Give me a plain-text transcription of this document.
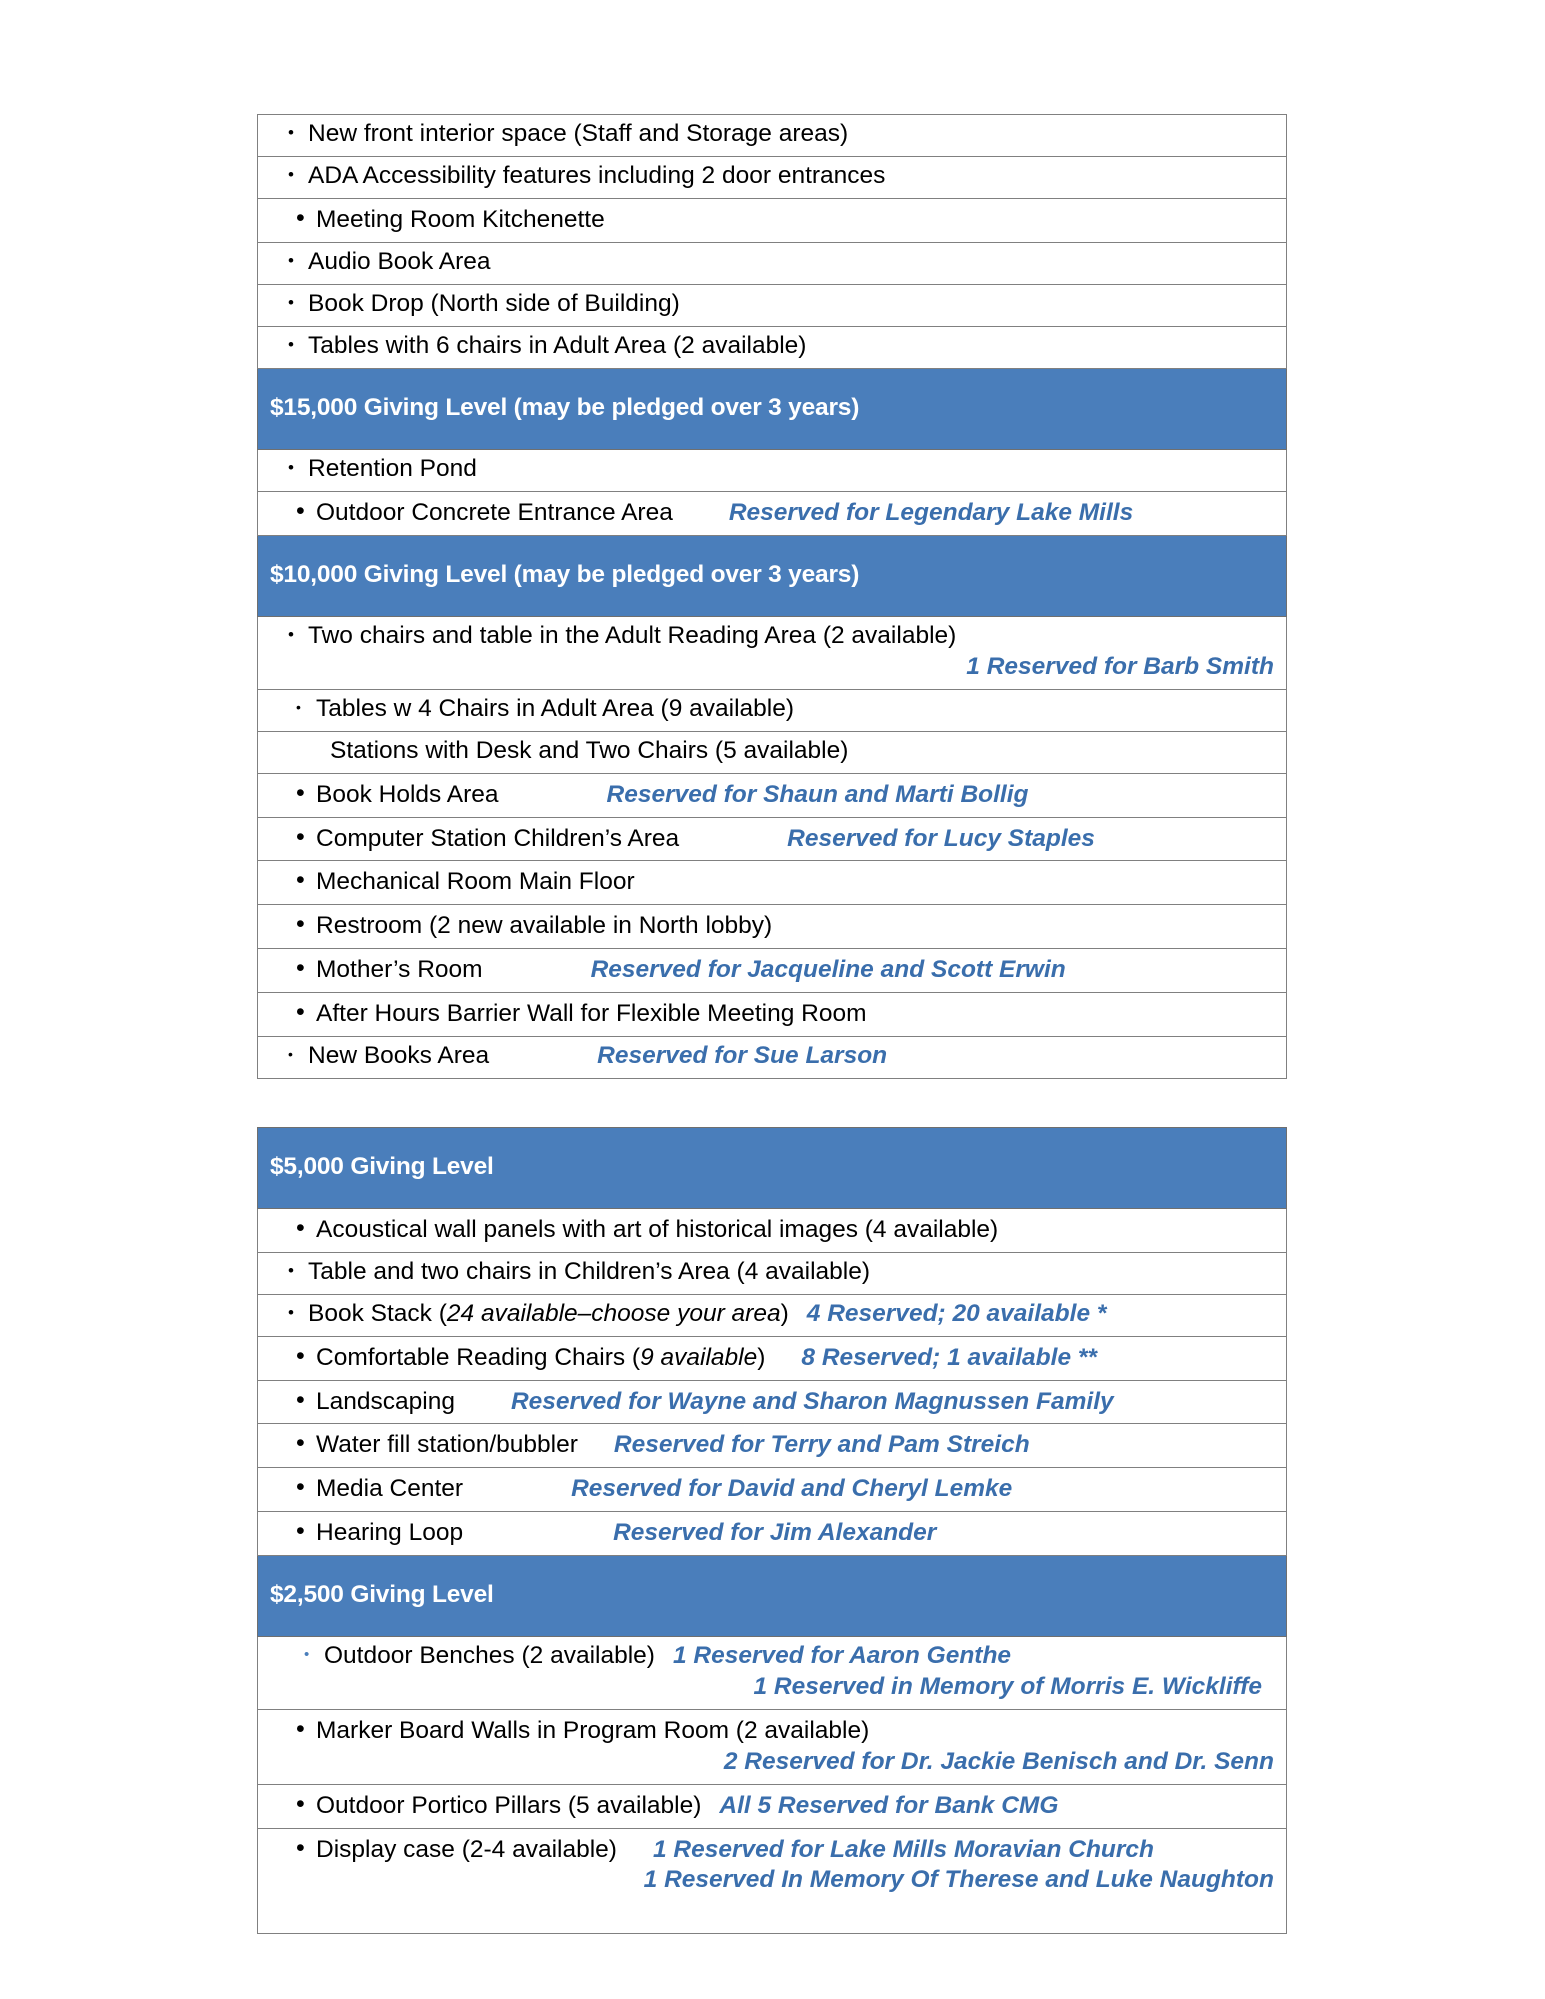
New front interior space (Staff and Storage areas)

ADA Accessibility features including 2 door entrances

Meeting Room Kitchenette

Audio Book Area

Book Drop (North side of Building)

Tables with 6 chairs in Adult Area (2 available)

$15,000 Giving Level (may be pledged over 3 years)

Retention Pond

Outdoor Concrete Entrance Area Reserved for Legendary Lake Mills

$10,000 Giving Level (may be pledged over 3 years)

Two chairs and table in the Adult Reading Area (2 available)
1 Reserved for Barb Smith

Tables w 4 Chairs in Adult Area (9 available)

Stations with Desk and Two Chairs (5 available)

Book Holds Area	Reserved for Shaun and Marti Bollig

Computer Station Children’s Area	Reserved for Lucy Staples

Mechanical Room Main Floor

Restroom (2 new available in North lobby)

Mother’s Room	Reserved for Jacqueline and Scott Erwin

After Hours Barrier Wall for Flexible Meeting Room

New Books Area	Reserved for Sue Larson
$5,000 Giving Level

Acoustical wall panels with art of historical images (4 available)

Table and two chairs in Children’s Area (4 available)

Book Stack (24 available–choose your area) 4 Reserved; 20 available *

Comfortable Reading Chairs (9 available) 8 Reserved; 1 available **

Landscaping Reserved for Wayne and Sharon Magnussen Family

Water fill station/bubbler Reserved for Terry and Pam Streich

Media Center	Reserved for David and Cheryl Lemke

Hearing Loop	Reserved for Jim Alexander

$2,500 Giving Level

Outdoor Benches (2 available) 1 Reserved for Aaron Genthe
1 Reserved in Memory of Morris E. Wickliffe

Marker Board Walls in Program Room (2 available)
2 Reserved for Dr. Jackie Benisch and Dr. Senn

Outdoor Portico Pillars (5 available) All 5 Reserved for Bank CMG

Display case (2-4 available) 1 Reserved for Lake Mills Moravian Church
1 Reserved In Memory Of Therese and Luke Naughton
